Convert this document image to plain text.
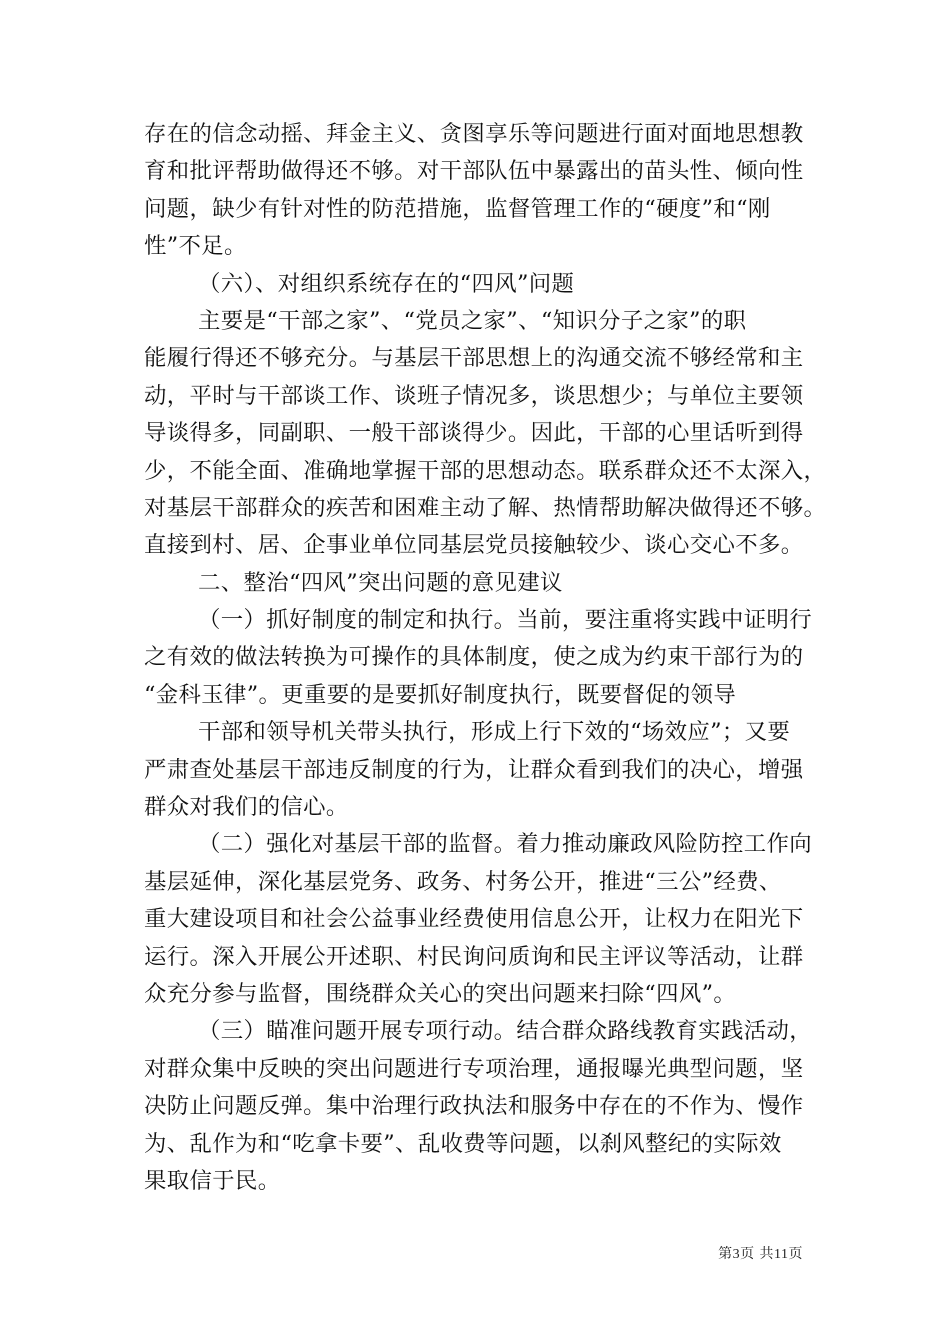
存在的信念动摇、拜金主义、贪图享乐等问题进行面对面地思想教
育和批评帮助做得还不够。对干部队伍中暴露出的苗头性、倾向性
问题，缺少有针对性的防范措施，监督管理工作的“硬度”和“刚
性”不足。
（六）、对组织系统存在的“四风”问题
主要是“干部之家”、“党员之家”、“知识分子之家”的职
能履行得还不够充分。与基层干部思想上的沟通交流不够经常和主
动，平时与干部谈工作、谈班子情况多，谈思想少；与单位主要领
导谈得多，同副职、一般干部谈得少。因此，干部的心里话听到得
少，不能全面、准确地掌握干部的思想动态。联系群众还不太深入，
对基层干部群众的疾苦和困难主动了解、热情帮助解决做得还不够。
直接到村、居、企事业单位同基层党员接触较少、谈心交心不多。
二、整治“四风”突出问题的意见建议
（一）抓好制度的制定和执行。当前，要注重将实践中证明行
之有效的做法转换为可操作的具体制度，使之成为约束干部行为的
“金科玉律”。更重要的是要抓好制度执行，既要督促的领导
干部和领导机关带头执行，形成上行下效的“场效应”；又要
严肃查处基层干部违反制度的行为，让群众看到我们的决心，增强
群众对我们的信心。
（二）强化对基层干部的监督。着力推动廉政风险防控工作向
基层延伸，深化基层党务、政务、村务公开，推进“三公”经费、
重大建设项目和社会公益事业经费使用信息公开，让权力在阳光下
运行。深入开展公开述职、村民询问质询和民主评议等活动，让群
众充分参与监督，围绕群众关心的突出问题来扫除“四风”。
（三）瞄准问题开展专项行动。结合群众路线教育实践活动，
对群众集中反映的突出问题进行专项治理，通报曝光典型问题，坚
决防止问题反弹。集中治理行政执法和服务中存在的不作为、慢作
为、乱作为和“吃拿卡要”、乱收费等问题，以刹风整纪的实际效
果取信于民。
第3页 共11页
